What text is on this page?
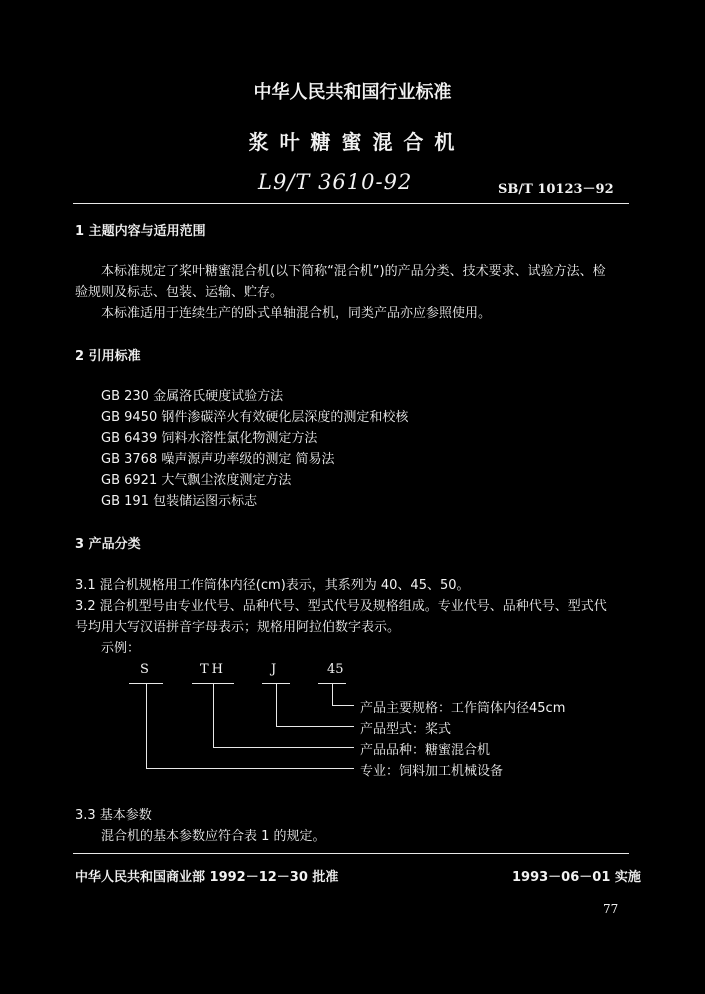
中华人民共和国行业标准
浆 叶 糖 蜜 混 合 机
L9/T 3610-92	SB/T 10123－92
1 主题内容与适用范围
本标准规定了桨叶糖蜜混合机(以下简称“混合机”)的产品分类、技术要求、试验方法、检
验规则及标志、包装、运输、贮存。
本标准适用于连续生产的卧式单轴混合机，同类产品亦应参照使用。
2 引用标准
GB 230 金属洛氏硬度试验方法
GB 9450 钢件渗碳淬火有效硬化层深度的测定和校核
GB 6439 饲料水溶性氯化物测定方法
GB 3768 噪声源声功率级的测定 简易法
GB 6921 大气飘尘浓度测定方法
GB 191 包装储运图示标志
3 产品分类
3.1 混合机规格用工作筒体内径(cm)表示，其系列为 40、45、50。
3.2 混合机型号由专业代号、品种代号、型式代号及规格组成。专业代号、品种代号、型式代
号均用大写汉语拼音字母表示；规格用阿拉伯数字表示。
示例：
S	TH	J	45
产品主要规格：工作筒体内径45cm
产品型式：桨式
产品品种：糖蜜混合机
专业：饲料加工机械设备
3.3 基本参数
混合机的基本参数应符合表 1 的规定。
中华人民共和国商业部 1992－12－30 批准	1993－06－01 实施
77
